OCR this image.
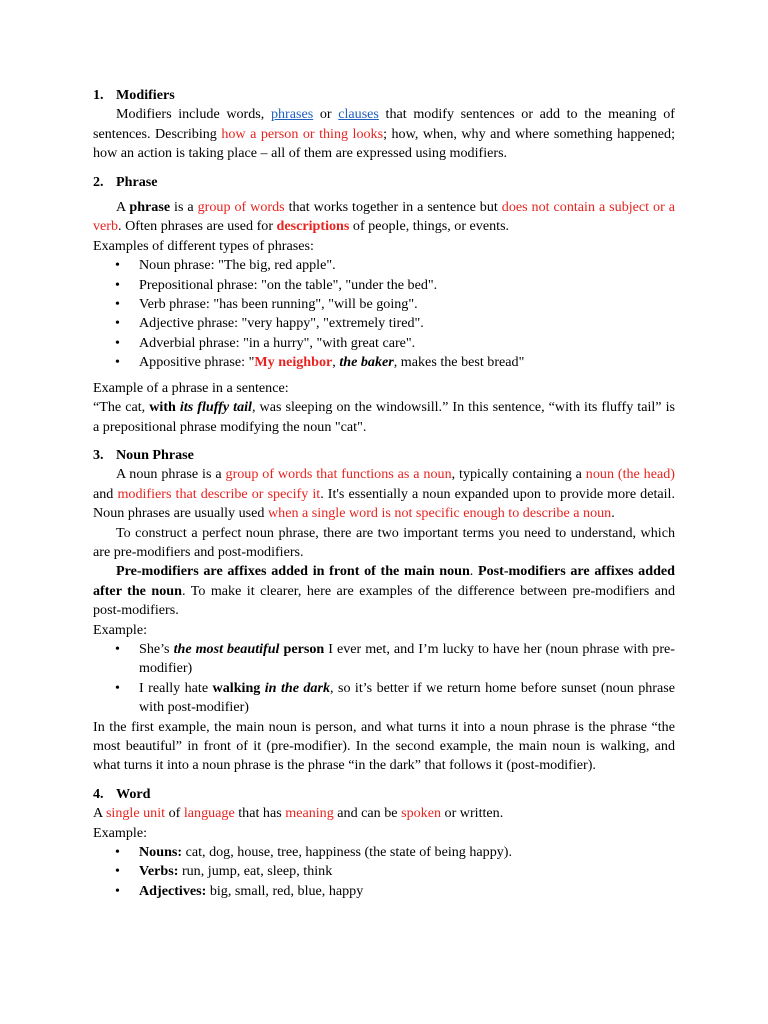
1. Modifiers

Modifiers include words, phrases or clauses that modify sentences or add to the meaning of sentences. Describing how a person or thing looks; how, when, why and where something happened; how an action is taking place – all of them are expressed using modifiers.

2. Phrase

A phrase is a group of words that works together in a sentence but does not contain a subject or a verb. Often phrases are used for descriptions of people, things, or events.

Examples of different types of phrases:

• Noun phrase: "The big, red apple".
• Prepositional phrase: "on the table", "under the bed".
• Verb phrase: "has been running", "will be going".
• Adjective phrase: "very happy", "extremely tired".
• Adverbial phrase: "in a hurry", "with great care".
• Appositive phrase: "My neighbor, the baker, makes the best bread"

Example of a phrase in a sentence:

“The cat, with its fluffy tail, was sleeping on the windowsill.” In this sentence, “with its fluffy tail” is a prepositional phrase modifying the noun "cat".

3. Noun Phrase

A noun phrase is a group of words that functions as a noun, typically containing a noun (the head) and modifiers that describe or specify it. It's essentially a noun expanded upon to provide more detail. Noun phrases are usually used when a single word is not specific enough to describe a noun.

To construct a perfect noun phrase, there are two important terms you need to understand, which are pre-modifiers and post-modifiers.

Pre-modifiers are affixes added in front of the main noun. Post-modifiers are affixes added after the noun. To make it clearer, here are examples of the difference between pre-modifiers and post-modifiers.

Example:

• She’s the most beautiful person I ever met, and I’m lucky to have her (noun phrase with pre-modifier)
• I really hate walking in the dark, so it’s better if we return home before sunset (noun phrase with post-modifier)

In the first example, the main noun is person, and what turns it into a noun phrase is the phrase “the most beautiful” in front of it (pre-modifier). In the second example, the main noun is walking, and what turns it into a noun phrase is the phrase “in the dark” that follows it (post-modifier).

4. Word

A single unit of language that has meaning and can be spoken or written.

Example:

• Nouns: cat, dog, house, tree, happiness (the state of being happy).
• Verbs: run, jump, eat, sleep, think
• Adjectives: big, small, red, blue, happy
